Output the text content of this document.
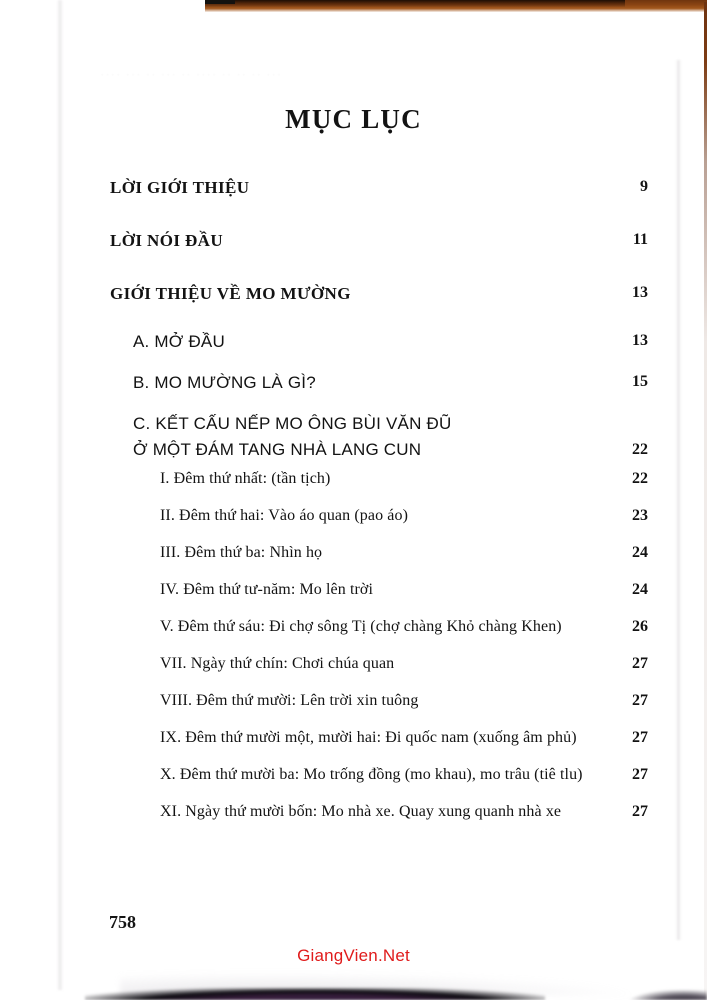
MỤC LỤC
LỜI GIỚI THIỆU	9
LỜI NÓI ĐẦU	11
GIỚI THIỆU VỀ MO MƯỜNG	13
A. MỞ ĐẦU	13
B. MO MƯỜNG LÀ GÌ?	15
C. KẾT CẤU NẾP MO ÔNG BÙI VĂN ĐŨ
Ở MỘT ĐÁM TANG NHÀ LANG CUN	22
I. Đêm thứ nhất: (tần tịch)	22
II. Đêm thứ hai: Vào áo quan (pao áo)	23
III. Đêm thứ ba: Nhìn họ	24
IV. Đêm thứ tư-năm: Mo lên trời	24
V. Đêm thứ sáu: Đi chợ sông Tị (chợ chàng Khỏ chàng Khen)	26
VII. Ngày thứ chín: Chơi chúa quan	27
VIII. Đêm thứ mười: Lên trời xin tuông	27
IX. Đêm thứ mười một, mười hai: Đi quốc nam (xuống âm phủ)	27
X. Đêm thứ mười ba: Mo trống đồng (mo khau), mo trâu (tiê tlu)	27
XI. Ngày thứ mười bốn: Mo nhà xe. Quay xung quanh nhà xe	27
758
GiangVien.Net
